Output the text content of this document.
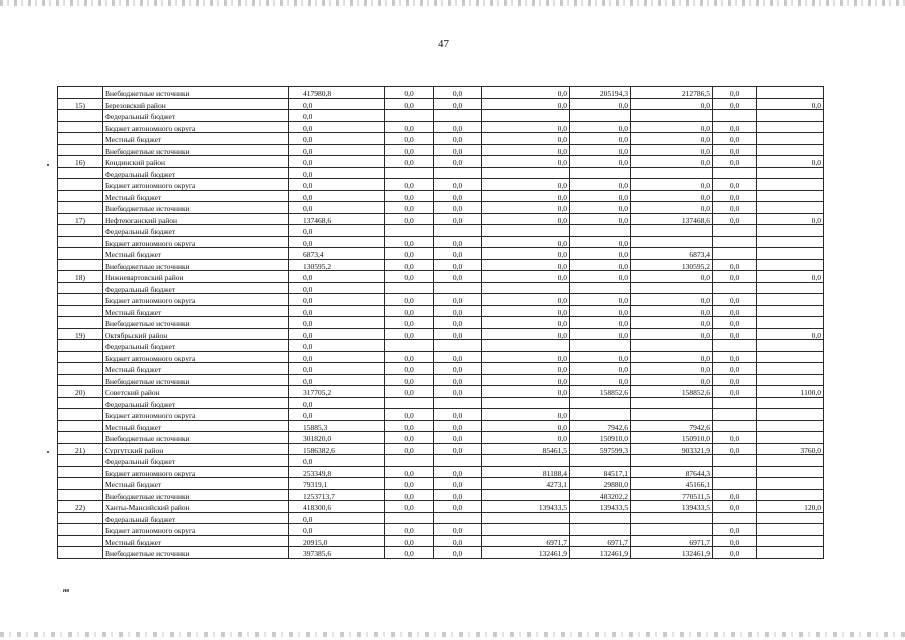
47
	Внебюджетные источники	417980,8	0,0	0,0	0,0	205194,3	212786,5	0,0	
15)	Березовский район	0,0	0,0	0,0	0,0	0,0	0,0	0,0	0,0
	Федеральный бюджет	0,0							
	Бюджет автономного округа	0,0	0,0	0,0	0,0	0,0	0,0	0,0	
	Местный бюджет	0,0	0,0	0,0	0,0	0,0	0,0	0,0	
	Внебюджетные источники	0,0	0,0	0,0	0,0	0,0	0,0	0,0	
16)	Кондинский район	0,0	0,0	0,0	0,0	0,0	0,0	0,0	0,0
	Федеральный бюджет	0,0							
	Бюджет автономного округа	0,0	0,0	0,0	0,0	0,0	0,0	0,0	
	Местный бюджет	0,0	0,0	0,0	0,0	0,0	0,0	0,0	
	Внебюджетные источники	0,0	0,0	0,0	0,0	0,0	0,0	0,0	
17)	Нефтеюганский район	137468,6	0,0	0,0	0,0	0,0	137468,6	0,0	0,0
	Федеральный бюджет	0,0							
	Бюджет автономного округа	0,0	0,0	0,0	0,0	0,0			
	Местный бюджет	6873,4	0,0	0,0	0,0	0,0	6873,4		
	Внебюджетные источники	130595,2	0,0	0,0	0,0	0,0	130595,2	0,0	
18)	Нижневартовский район	0,0	0,0	0,0	0,0	0,0	0,0	0,0	0,0
	Федеральный бюджет	0,0							
	Бюджет автономного округа	0,0	0,0	0,0	0,0	0,0	0,0	0,0	
	Местный бюджет	0,0	0,0	0,0	0,0	0,0	0,0	0,0	
	Внебюджетные источники	0,0	0,0	0,0	0,0	0,0	0,0	0,0	
19)	Октябрьский район	0,0	0,0	0,0	0,0	0,0	0,0	0,0	0,0
	Федеральный бюджет	0,0							
	Бюджет автономного округа	0,0	0,0	0,0	0,0	0,0	0,0	0,0	
	Местный бюджет	0,0	0,0	0,0	0,0	0,0	0,0	0,0	
	Внебюджетные источники	0,0	0,0	0,0	0,0	0,0	0,0	0,0	
20)	Советский район	317705,2	0,0	0,0	0,0	158852,6	158852,6	0,0	1100,0
	Федеральный бюджет	0,0							
	Бюджет автономного округа	0,0	0,0	0,0	0,0				
	Местный бюджет	15885,3	0,0	0,0	0,0	7942,6	7942,6		
	Внебюджетные источники	301820,0	0,0	0,0	0,0	150910,0	150910,0	0,0	
21)	Сургутский район	1586382,6	0,0	0,0	85461,5	597599,3	903321,9	0,0	3760,0
	Федеральный бюджет	0,0							
	Бюджет автономного округа	253349,8	0,0	0,0	81188,4	84517,1	87644,3		
	Местный бюджет	79319,1	0,0	0,0	4273,1	29880,0	45166,1		
	Внебюджетные источники	1253713,7	0,0	0,0		483202,2	770511,5	0,0	
22)	Ханты-Мансийский район	418300,6	0,0	0,0	139433,5	139433,5	139433,5	0,0	120,0
	Федеральный бюджет	0,0							
	Бюджет автономного округа	0,0	0,0	0,0				0,0	
	Местный бюджет	20915,0	0,0	0,0	6971,7	6971,7	6971,7	0,0	
	Внебюджетные источники	397385,6	0,0	0,0	132461,9	132461,9	132461,9	0,0	
нв
